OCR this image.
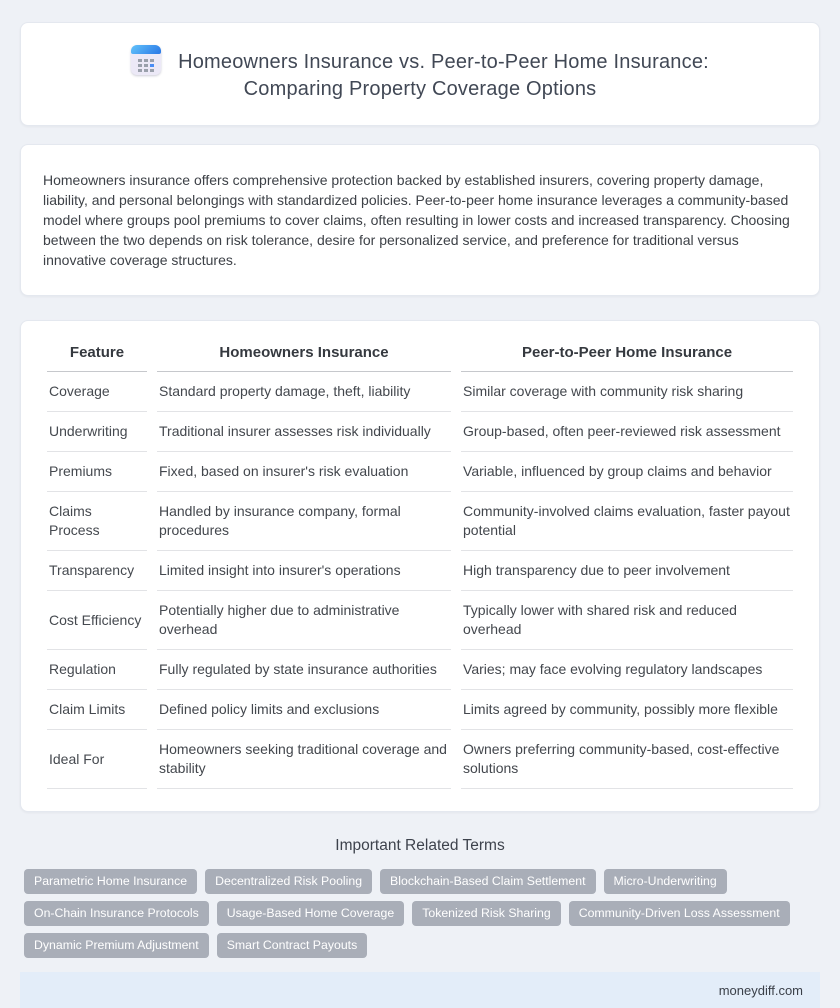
Homeowners Insurance vs. Peer-to-Peer Home Insurance:
Comparing Property Coverage Options

Homeowners insurance offers comprehensive protection backed by established insurers, covering property damage, liability, and personal belongings with standardized policies. Peer-to-peer home insurance leverages a community-based model where groups pool premiums to cover claims, often resulting in lower costs and increased transparency. Choosing between the two depends on risk tolerance, desire for personalized service, and preference for traditional versus innovative coverage structures.

Feature	Homeowners Insurance	Peer-to-Peer Home Insurance
Coverage	Standard property damage, theft, liability	Similar coverage with community risk sharing
Underwriting	Traditional insurer assesses risk individually	Group-based, often peer-reviewed risk assessment
Premiums	Fixed, based on insurer's risk evaluation	Variable, influenced by group claims and behavior
Claims Process	Handled by insurance company, formal procedures	Community-involved claims evaluation, faster payout potential
Transparency	Limited insight into insurer's operations	High transparency due to peer involvement
Cost Efficiency	Potentially higher due to administrative overhead	Typically lower with shared risk and reduced overhead
Regulation	Fully regulated by state insurance authorities	Varies; may face evolving regulatory landscapes
Claim Limits	Defined policy limits and exclusions	Limits agreed by community, possibly more flexible
Ideal For	Homeowners seeking traditional coverage and stability	Owners preferring community-based, cost-effective solutions
Important Related Terms
Parametric Home Insurance	Decentralized Risk Pooling	Blockchain-Based Claim Settlement	Micro-Underwriting
On-Chain Insurance Protocols	Usage-Based Home Coverage	Tokenized Risk Sharing	Community-Driven Loss Assessment
Dynamic Premium Adjustment	Smart Contract Payouts
moneydiff.com
